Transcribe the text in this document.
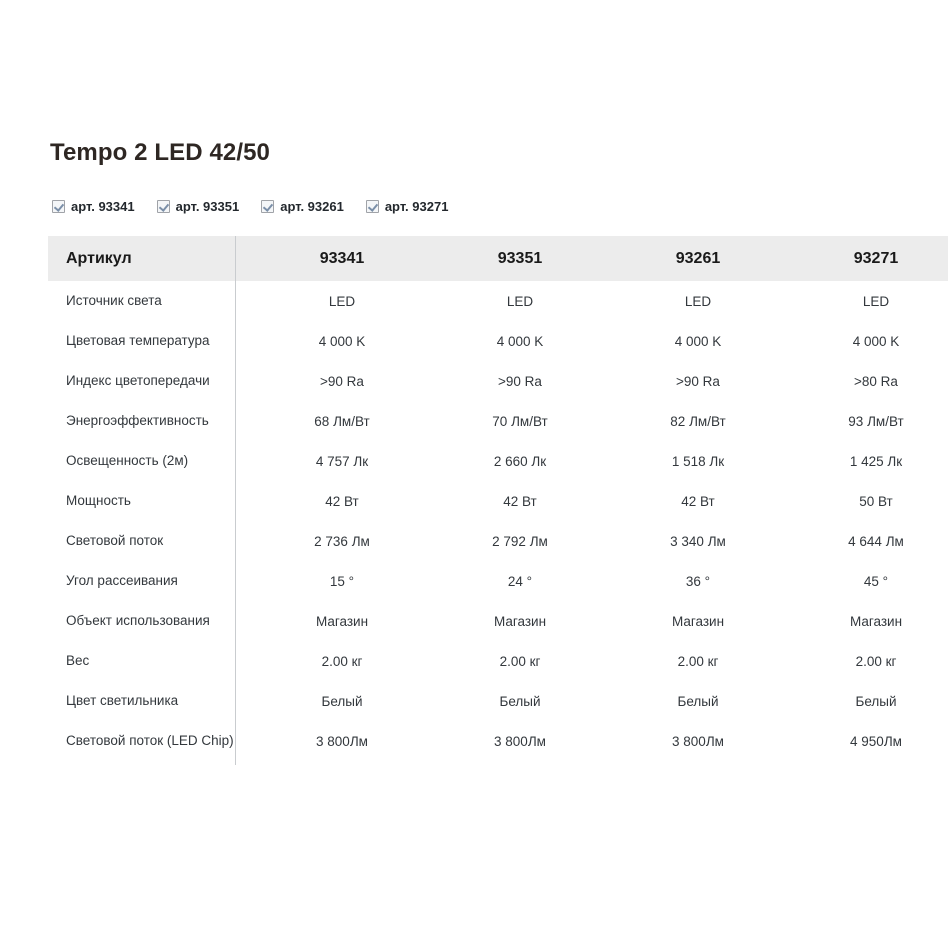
Tempo 2 LED 42/50
арт. 93341	арт. 93351	арт. 93261	арт. 93271
Артикул	93341	93351	93261	93271
Источник света	LED	LED	LED	LED
Цветовая температура	4 000 K	4 000 K	4 000 K	4 000 K
Индекс цветопередачи	>90 Ra	>90 Ra	>90 Ra	>80 Ra
Энергоэффективность	68 Лм/Вт	70 Лм/Вт	82 Лм/Вт	93 Лм/Вт
Освещенность (2м)	4 757 Лк	2 660 Лк	1 518 Лк	1 425 Лк
Мощность	42 Вт	42 Вт	42 Вт	50 Вт
Световой поток	2 736 Лм	2 792 Лм	3 340 Лм	4 644 Лм
Угол рассеивания	15 °	24 °	36 °	45 °
Объект использования	Магазин	Магазин	Магазин	Магазин
Вес	2.00 кг	2.00 кг	2.00 кг	2.00 кг
Цвет светильника	Белый	Белый	Белый	Белый
Световой поток (LED Chip)	3 800Лм	3 800Лм	3 800Лм	4 950Лм
